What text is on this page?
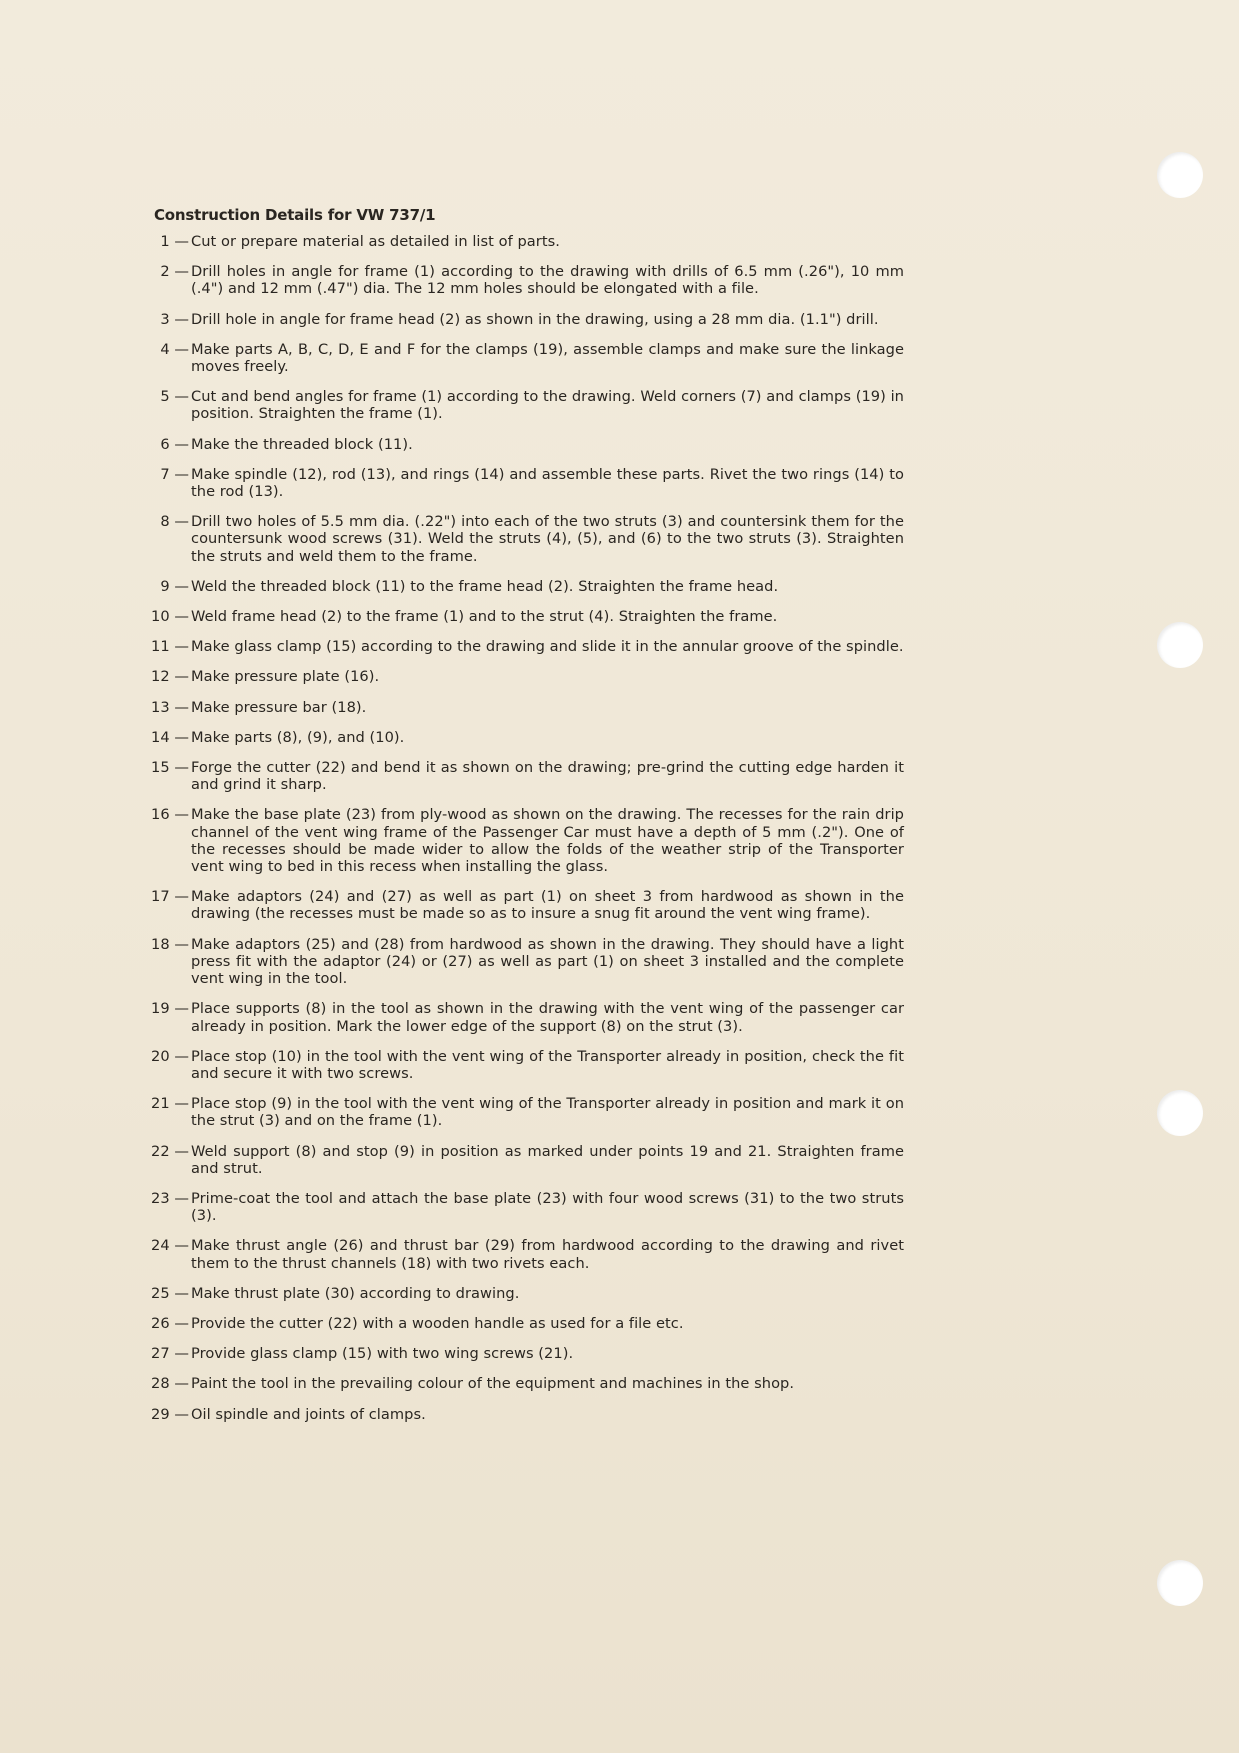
Construction Details for VW 737/1
1 — Cut or prepare material as detailed in list of parts.
2 — Drill holes in angle for frame (1) according to the drawing with drills of 6.5 mm (.26"), 10 mm (.4") and 12 mm (.47") dia. The 12 mm holes should be elongated with a file.
3 — Drill hole in angle for frame head (2) as shown in the drawing, using a 28 mm dia. (1.1") drill.
4 — Make parts A, B, C, D, E and F for the clamps (19), assemble clamps and make sure the linkage moves freely.
5 — Cut and bend angles for frame (1) according to the drawing. Weld corners (7) and clamps (19) in position. Straighten the frame (1).
6 — Make the threaded block (11).
7 — Make spindle (12), rod (13), and rings (14) and assemble these parts. Rivet the two rings (14) to the rod (13).
8 — Drill two holes of 5.5 mm dia. (.22") into each of the two struts (3) and countersink them for the countersunk wood screws (31). Weld the struts (4), (5), and (6) to the two struts (3). Straighten the struts and weld them to the frame.
9 — Weld the threaded block (11) to the frame head (2). Straighten the frame head.
10 — Weld frame head (2) to the frame (1) and to the strut (4). Straighten the frame.
11 — Make glass clamp (15) according to the drawing and slide it in the annular groove of the spindle.
12 — Make pressure plate (16).
13 — Make pressure bar (18).
14 — Make parts (8), (9), and (10).
15 — Forge the cutter (22) and bend it as shown on the drawing; pre-grind the cutting edge harden it and grind it sharp.
16 — Make the base plate (23) from ply-wood as shown on the drawing. The recesses for the rain drip channel of the vent wing frame of the Passenger Car must have a depth of 5 mm (.2"). One of the recesses should be made wider to allow the folds of the weather strip of the Transporter vent wing to bed in this recess when installing the glass.
17 — Make adaptors (24) and (27) as well as part (1) on sheet 3 from hardwood as shown in the drawing (the recesses must be made so as to insure a snug fit around the vent wing frame).
18 — Make adaptors (25) and (28) from hardwood as shown in the drawing. They should have a light press fit with the adaptor (24) or (27) as well as part (1) on sheet 3 installed and the complete vent wing in the tool.
19 — Place supports (8) in the tool as shown in the drawing with the vent wing of the passenger car already in position. Mark the lower edge of the support (8) on the strut (3).
20 — Place stop (10) in the tool with the vent wing of the Transporter already in position, check the fit and secure it with two screws.
21 — Place stop (9) in the tool with the vent wing of the Transporter already in position and mark it on the strut (3) and on the frame (1).
22 — Weld support (8) and stop (9) in position as marked under points 19 and 21. Straighten frame and strut.
23 — Prime-coat the tool and attach the base plate (23) with four wood screws (31) to the two struts (3).
24 — Make thrust angle (26) and thrust bar (29) from hardwood according to the drawing and rivet them to the thrust channels (18) with two rivets each.
25 — Make thrust plate (30) according to drawing.
26 — Provide the cutter (22) with a wooden handle as used for a file etc.
27 — Provide glass clamp (15) with two wing screws (21).
28 — Paint the tool in the prevailing colour of the equipment and machines in the shop.
29 — Oil spindle and joints of clamps.
